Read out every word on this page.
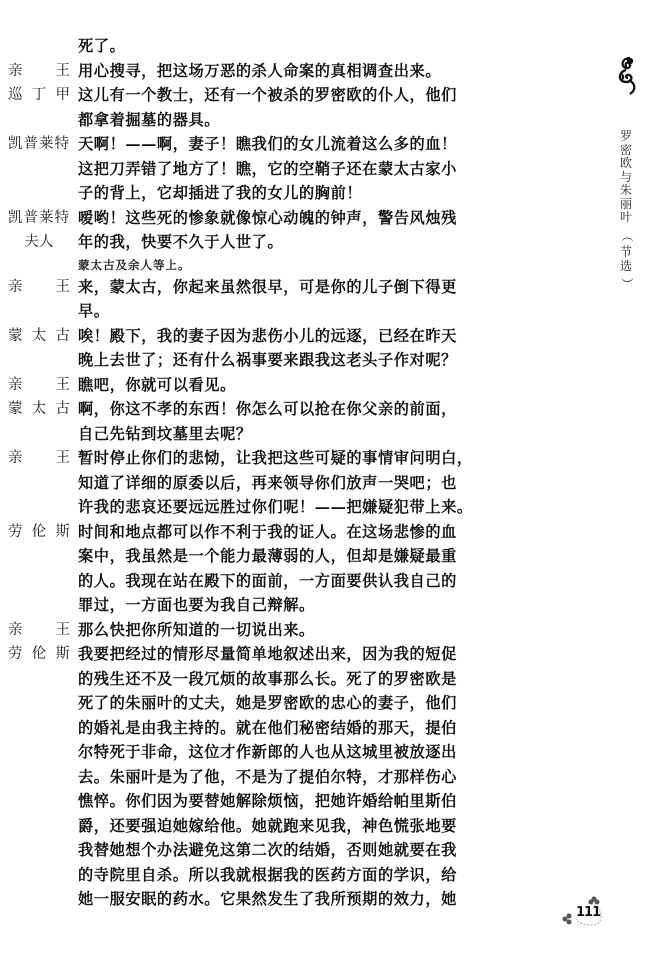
死了。
亲 王 用心搜寻，把这场万恶的杀人命案的真相调查出来。
巡 丁 甲 这儿有一个教士，还有一个被杀的罗密欧的仆人，他们
都拿着掘墓的器具。
凯普莱特 天啊！——啊，妻子！瞧我们的女儿流着这么多的血！
这把刀弄错了地方了！瞧，它的空鞘子还在蒙太古家小
子的背上，它却插进了我的女儿的胸前！
凯普莱特
夫人
嗳哟！这些死的惨象就像惊心动魄的钟声，警告风烛残
年的我，快要不久于人世了。
蒙太古及余人等上。
亲 王 来，蒙太古，你起来虽然很早，可是你的儿子倒下得更
早。
蒙 太 古 唉！殿下，我的妻子因为悲伤小儿的远逐，已经在昨天
晚上去世了；还有什么祸事要来跟我这老头子作对呢？
亲 王 瞧吧，你就可以看见。
蒙 太 古 啊，你这不孝的东西！你怎么可以抢在你父亲的前面，
自己先钻到坟墓里去呢？
亲 王 暂时停止你们的悲恸，让我把这些可疑的事情审问明白，
知道了详细的原委以后，再来领导你们放声一哭吧；也
许我的悲哀还要远远胜过你们呢！——把嫌疑犯带上来。
劳 伦 斯 时间和地点都可以作不利于我的证人。在这场悲惨的血
案中，我虽然是一个能力最薄弱的人，但却是嫌疑最重
的人。我现在站在殿下的面前，一方面要供认我自己的
罪过，一方面也要为我自己辩解。
亲 王 那么快把你所知道的一切说出来。
劳 伦 斯 我要把经过的情形尽量简单地叙述出来，因为我的短促
的残生还不及一段冗烦的故事那么长。死了的罗密欧是
死了的朱丽叶的丈夫，她是罗密欧的忠心的妻子，他们
的婚礼是由我主持的。就在他们秘密结婚的那天，提伯
尔特死于非命，这位才作新郎的人也从这城里被放逐出
去。朱丽叶是为了他，不是为了提伯尔特，才那样伤心
憔悴。你们因为要替她解除烦恼，把她许婚给帕里斯伯
爵，还要强迫她嫁给他。她就跑来见我，神色慌张地要
我替她想个办法避免这第二次的结婚，否则她就要在我
的寺院里自杀。所以我就根据我的医药方面的学识，给
她一服安眠的药水。它果然发生了我所预期的效力，她
罗
密
欧
与
朱
丽
叶
（
节
选
）
111
